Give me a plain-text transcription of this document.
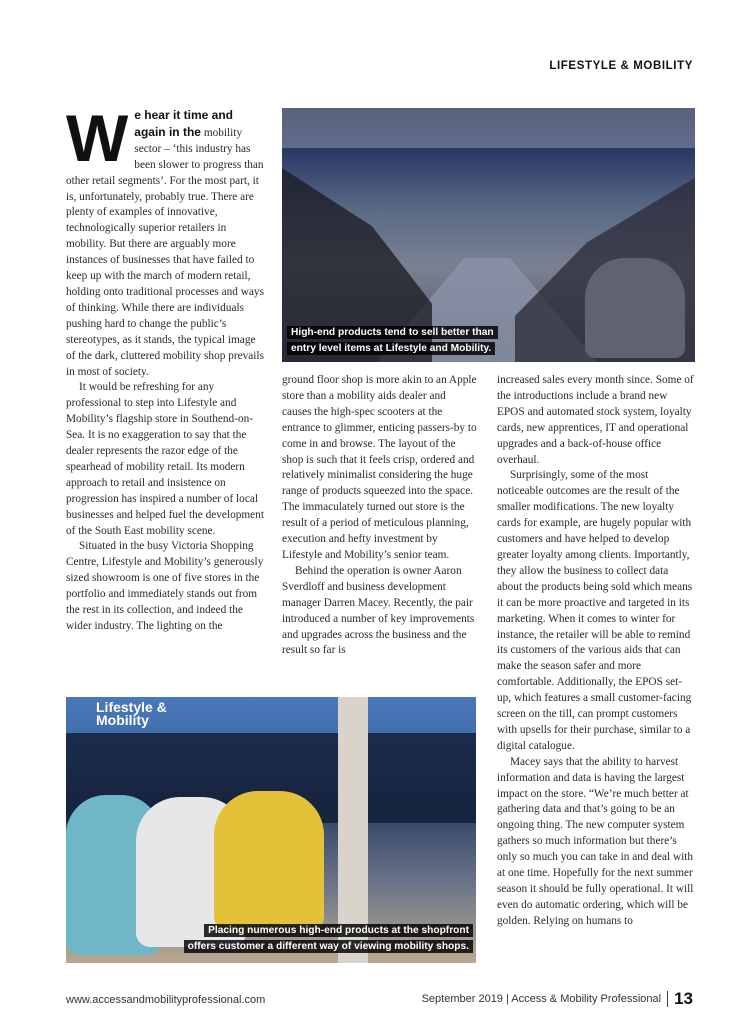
LIFESTYLE & MOBILITY

We hear it time and again in the mobility sector – ‘this industry has been slower to progress than other retail segments’. For the most part, it is, unfortunately, probably true. There are plenty of examples of innovative, technologically superior retailers in mobility. But there are arguably more instances of businesses that have failed to keep up with the march of modern retail, holding onto traditional processes and ways of thinking. While there are individuals pushing hard to change the public’s stereotypes, as it stands, the typical image of the dark, cluttered mobility shop prevails in most of society.

It would be refreshing for any professional to step into Lifestyle and Mobility’s flagship store in Southend-on-Sea. It is no exaggeration to say that the dealer represents the razor edge of the spearhead of mobility retail. Its modern approach to retail and insistence on progression has inspired a number of local businesses and helped fuel the development of the South East mobility scene.

Situated in the busy Victoria Shopping Centre, Lifestyle and Mobility’s generously sized showroom is one of five stores in the portfolio and immediately stands out from the rest in its collection, and indeed the wider industry. The lighting on the

High-end products tend to sell better than entry level items at Lifestyle and Mobility.

ground floor shop is more akin to an Apple store than a mobility aids dealer and causes the high-spec scooters at the entrance to glimmer, enticing passers-by to come in and browse. The layout of the shop is such that it feels crisp, ordered and relatively minimalist considering the huge range of products squeezed into the space. The immaculately turned out store is the result of a period of meticulous planning, execution and hefty investment by Lifestyle and Mobility’s senior team.

Behind the operation is owner Aaron Sverdloff and business development manager Darren Macey. Recently, the pair introduced a number of key improvements and upgrades across the business and the result so far is

increased sales every month since. Some of the introductions include a brand new EPOS and automated stock system, loyalty cards, new apprentices, IT and operational upgrades and a back-of-house office overhaul.

Surprisingly, some of the most noticeable outcomes are the result of the smaller modifications. The new loyalty cards for example, are hugely popular with customers and have helped to develop greater loyalty among clients. Importantly, they allow the business to collect data about the products being sold which means it can be more proactive and targeted in its marketing. When it comes to winter for instance, the retailer will be able to remind its customers of the various aids that can make the season safer and more comfortable. Additionally, the EPOS set-up, which features a small customer-facing screen on the till, can prompt customers with upsells for their purchase, similar to a digital catalogue.

Macey says that the ability to harvest information and data is having the largest impact on the store. “We’re much better at gathering data and that’s going to be an ongoing thing. The new computer system gathers so much information but there’s only so much you can take in and deal with at one time. Hopefully for the next summer season it should be fully operational. It will even do automatic ordering, which will be golden. Relying on humans to

Lifestyle & Mobility
Placing numerous high-end products at the shopfront offers customer a different way of viewing mobility shops.
www.accessandmobilityprofessional.com	September 2019 | Access & Mobility Professional 13
